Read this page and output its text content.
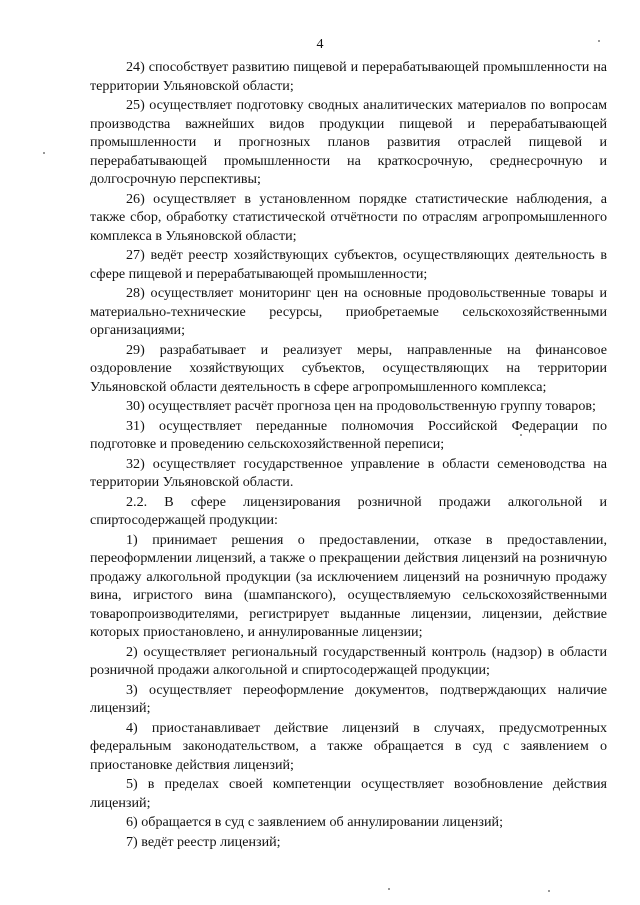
4

24) способствует развитию пищевой и перерабатывающей промышленности на территории Ульяновской области;

25) осуществляет подготовку сводных аналитических материалов по вопросам производства важнейших видов продукции пищевой и перерабатывающей промышленности и прогнозных планов развития отраслей пищевой и перерабатывающей промышленности на краткосрочную, среднесрочную и долгосрочную перспективы;

26) осуществляет в установленном порядке статистические наблюдения, а также сбор, обработку статистической отчётности по отраслям агропромышленного комплекса в Ульяновской области;

27) ведёт реестр хозяйствующих субъектов, осуществляющих деятельность в сфере пищевой и перерабатывающей промышленности;

28) осуществляет мониторинг цен на основные продовольственные товары и материально-технические ресурсы, приобретаемые сельскохозяйственными организациями;

29) разрабатывает и реализует меры, направленные на финансовое оздоровление хозяйствующих субъектов, осуществляющих на территории Ульяновской области деятельность в сфере агропромышленного комплекса;

30) осуществляет расчёт прогноза цен на продовольственную группу товаров;

31) осуществляет переданные полномочия Российской Федерации по подготовке и проведению сельскохозяйственной переписи;

32) осуществляет государственное управление в области семеноводства на территории Ульяновской области.

2.2. В сфере лицензирования розничной продажи алкогольной и спиртосодержащей продукции:

1) принимает решения о предоставлении, отказе в предоставлении, переоформлении лицензий, а также о прекращении действия лицензий на розничную продажу алкогольной продукции (за исключением лицензий на розничную продажу вина, игристого вина (шампанского), осуществляемую сельскохозяйственными товаропроизводителями, регистрирует выданные лицензии, лицензии, действие которых приостановлено, и аннулированные лицензии;

2) осуществляет региональный государственный контроль (надзор) в области розничной продажи алкогольной и спиртосодержащей продукции;

3) осуществляет переоформление документов, подтверждающих наличие лицензий;

4) приостанавливает действие лицензий в случаях, предусмотренных федеральным законодательством, а также обращается в суд с заявлением о приостановке действия лицензий;

5) в пределах своей компетенции осуществляет возобновление действия лицензий;

6) обращается в суд с заявлением об аннулировании лицензий;

7) ведёт реестр лицензий;
